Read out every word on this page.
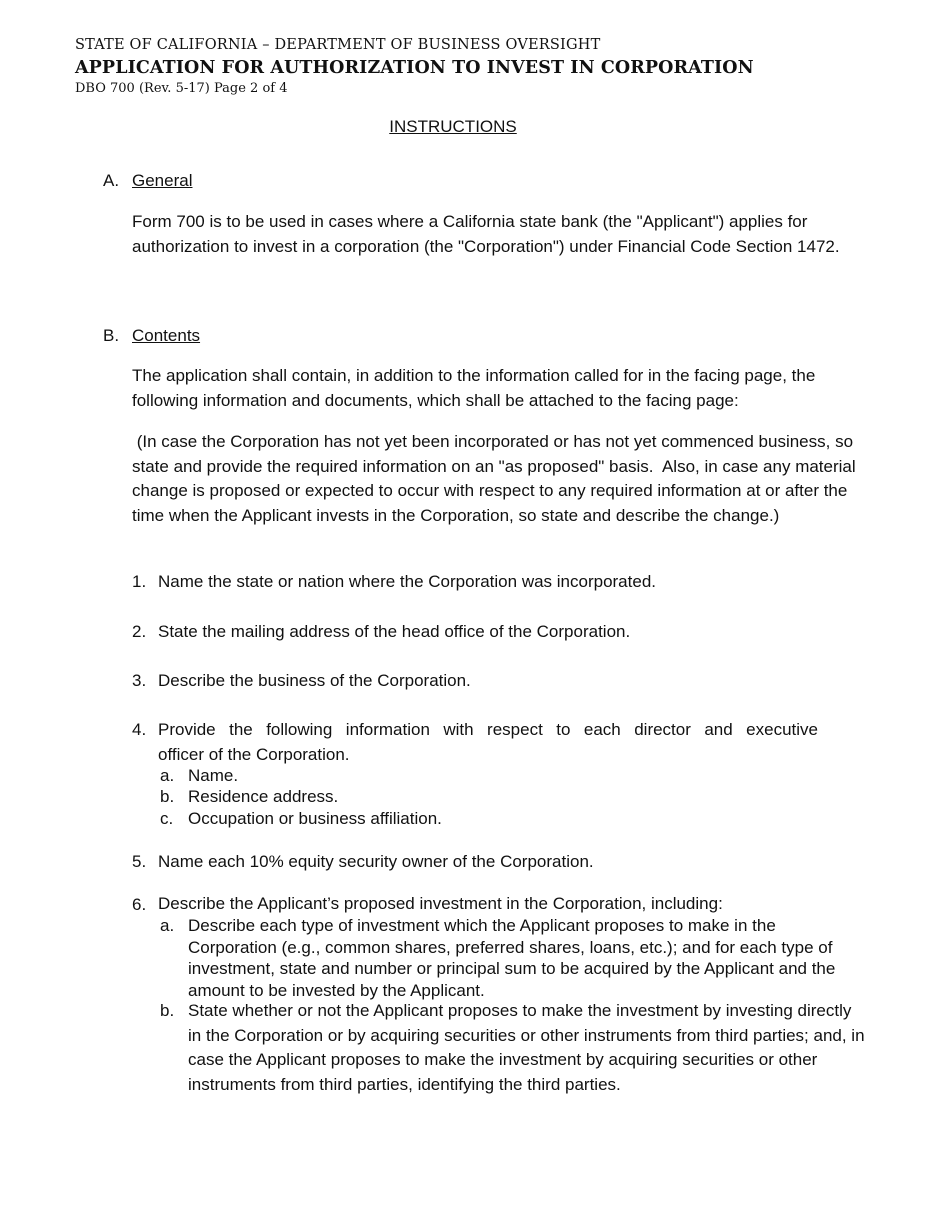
STATE OF CALIFORNIA – DEPARTMENT OF BUSINESS OVERSIGHT
APPLICATION FOR AUTHORIZATION TO INVEST IN CORPORATION
DBO 700 (Rev. 5-17) Page 2 of 4
INSTRUCTIONS
A. General
Form 700 is to be used in cases where a California state bank (the "Applicant") applies for authorization to invest in a corporation (the "Corporation") under Financial Code Section 1472.
B. Contents
The application shall contain, in addition to the information called for in the facing page, the following information and documents, which shall be attached to the facing page:
(In case the Corporation has not yet been incorporated or has not yet commenced business, so state and provide the required information on an "as proposed" basis.  Also, in case any material change is proposed or expected to occur with respect to any required information at or after the time when the Applicant invests in the Corporation, so state and describe the change.)
1. Name the state or nation where the Corporation was incorporated.
2. State the mailing address of the head office of the Corporation.
3. Describe the business of the Corporation.
4. Provide the following information with respect to each director and executive
officer of the Corporation.
a. Name.
b. Residence address.
c. Occupation or business affiliation.
5. Name each 10% equity security owner of the Corporation.
6. Describe the Applicant’s proposed investment in the Corporation, including:
a. Describe each type of investment which the Applicant proposes to make in the Corporation (e.g., common shares, preferred shares, loans, etc.); and for each type of investment, state and number or principal sum to be acquired by the Applicant and the amount to be invested by the Applicant.
b. State whether or not the Applicant proposes to make the investment by investing directly in the Corporation or by acquiring securities or other instruments from third parties; and, in case the Applicant proposes to make the investment by acquiring securities or other instruments from third parties, identifying the third parties.
